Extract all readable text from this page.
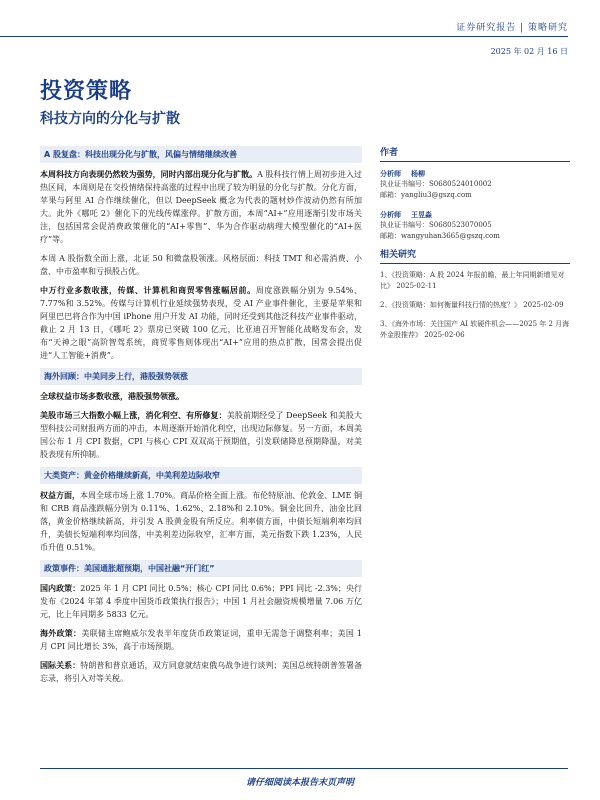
证券研究报告 | 策略研究
2025 年 02 月 16 日
投资策略
科技方向的分化与扩散
A 股复盘：科技出现分化与扩散，风偏与情绪继续改善
本周科技方向表现仍然较为强势，同时内部出现分化与扩散。A 股科技行情上周初步进入过热区间，本周则是在交投情绪保持高涨的过程中出现了较为明显的分化与扩散。分化方面，苹果与阿里 AI 合作继续催化，但以 DeepSeek 概念为代表的题材炒作波动仍然有所加大。此外《哪吒 2》催化下的光线传媒涨停。扩散方面，本周“AI+”应用逐渐引发市场关注，包括国常会促消费政策催化的“AI+零售”、华为合作驱动病理大模型催化的“AI+医疗”等。
本周 A 股指数全面上涨，北证 50 和微盘股领涨。风格层面：科技 TMT 和必需消费、小盘、中市盈率和亏损股占优。
中万行业多数收涨，传媒、计算机和商贸零售涨幅居前。周度涨跌幅分别为 9.54%、7.77%和 3.52%。传媒与计算机行业延续强势表现，受 AI 产业事件催化，主要是苹果和阿里巴巴将合作为中国 iPhone 用户开发 AI 功能，同时还受到其他泛科技产业事件驱动，截止 2 月 13 日，《哪吒 2》票房已突破 100 亿元，比亚迪召开智能化战略发布会，发布“天神之眼”高阶智驾系统，商贸零售则体现出“AI+”应用的热点扩散，国常会提出促进“人工智能+消费”。
海外回顾：中美同步上行，港股强势领涨
全球权益市场多数收涨，港股强势领涨。
美股市场三大指数小幅上涨，消化利空、有所修复：美股前期经受了 DeepSeek 和美股大型科技公司财报两方面的冲击，本周逐渐开始消化利空，出现边际修复。另一方面，本周美国公布 1 月 CPI 数据，CPI 与核心 CPI 双双高于预期值，引发联储降息预期降温，对美股表现有所抑制。
大类资产：黄金价格继续新高，中美利差边际收窄
权益方面，本周全球市场上涨 1.70%。商品价格全面上涨。布伦特原油、伦敦金、LME 铜和 CRB 商品涨跌幅分别为 0.11%、1.62%、2.18%和 2.10%。铜金比回升、油金比回落，黄金价格继续新高，并引发 A 股黄金股有所反应。利率债方面，中债长短端利率均回升，美债长短端利率均回落，中美利差边际收窄，汇率方面，美元指数下跌 1.23%，人民币升值 0.51%。
政策事件：美国通胀超预期，中国社融“开门红”
国内政策：2025 年 1 月 CPI 同比 0.5%；核心 CPI 同比 0.6%；PPI 同比 -2.3%；央行发布《2024 年第 4 季度中国货币政策执行报告》；中国 1 月社会融资规模增量 7.06 万亿元，比上年同期多 5833 亿元。
海外政策：美联储主席鲍威尔发表半年度货币政策证词，重申无需急于调整利率；美国 1 月 CPI 同比增长 3%，高于市场预期。
国际关系：特朗普和普京通话，双方同意就结束俄乌战争进行谈判；美国总统特朗普签署备忘录，将引入对等关税。
作者
分析师 杨柳
执业证书编号：S0680524010002
邮箱：yangliu3@gszq.com
分析师 王昱淼
执业证书编号：S0680523070005
邮箱：wangyuhan3665@gszq.com
相关研究
1、《投资策略：A 股 2024 年报前瞻，最上年同期新增见对比》 2025-02-11
2、《投资策略：如何衡量科技行情的热度？》 2025-02-09
3、《海外市场：关注国产 AI 软硬件机会——2025 年 2 月海外金股推荐》 2025-02-06
请仔细阅读本报告末页声明
